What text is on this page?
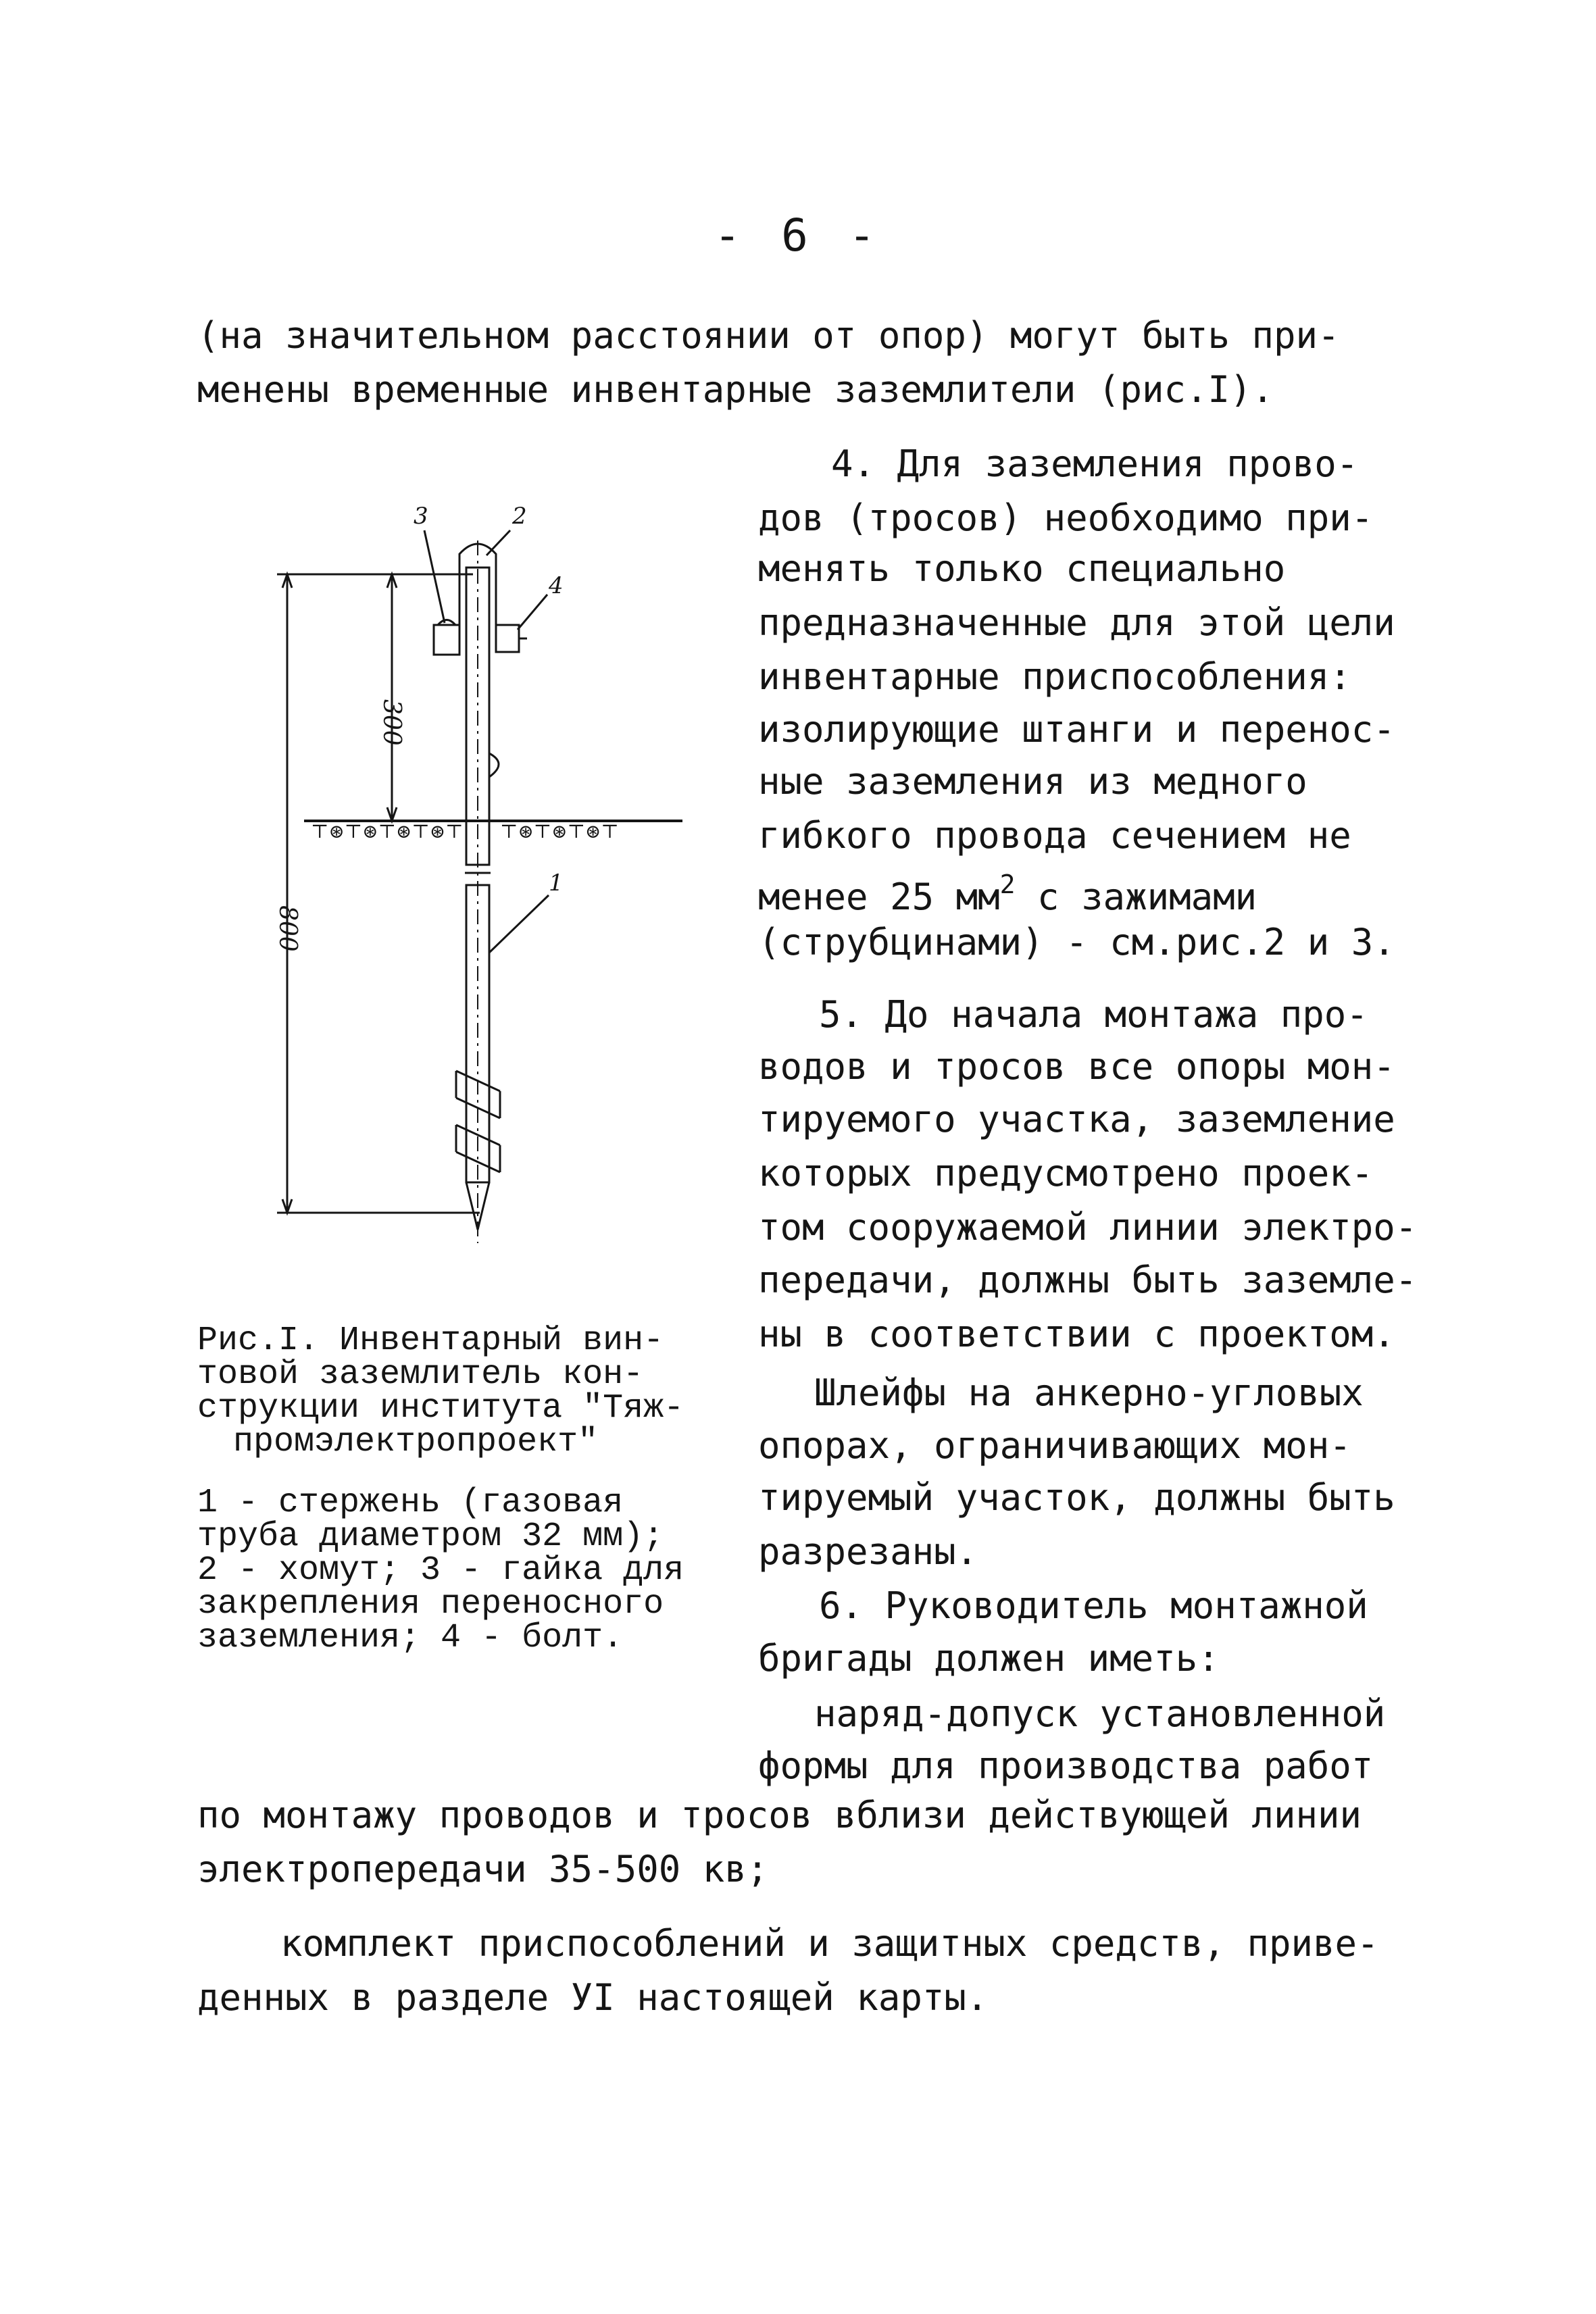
- 6 -
(на значительном расстоянии от опор) могут быть при-
менены временные инвентарные заземлители (рис.I).
4. Для заземления прово-
дов (тросов) необходимо при-
менять только специально
предназначенные для этой цели
инвентарные приспособления:
изолирующие штанги и перенос-
ные заземления из медного
гибкого провода сечением не
менее 25 $мм^2$ с зажимами
(струбцинами) - см.рис.2 и 3.
5. До начала монтажа про-
водов и тросов все опоры мон-
тируемого участка, заземление
которых предусмотрено проек-
том сооружаемой линии электро-
передачи, должны быть заземле-
ны в соответствии с проектом.
Шлейфы на анкерно-угловых
опорах, ограничивающих мон-
тируемый участок, должны быть
разрезаны.
6. Руководитель монтажной
бригады должен иметь:
наряд-допуск установленной
формы для производства работ
по монтажу проводов и тросов вблизи действующей линии
электропередачи 35-500 кв;
комплект приспособлений и защитных средств, приве-
денных в разделе УI настоящей карты.
Рис.I. Инвентарный вин-
товой заземлитель кон-
струкции института "Тяж-
промэлектропроект"
1 - стержень (газовая
труба диаметром 32 мм);
2 - хомут; 3 - гайка для
закрепления переносного
заземления; 4 - болт.
⊤⊛⊤⊛⊤⊛⊤⊛⊤ ⊤⊛⊤⊛⊤⊛⊤
3	2
4
1
300
800
